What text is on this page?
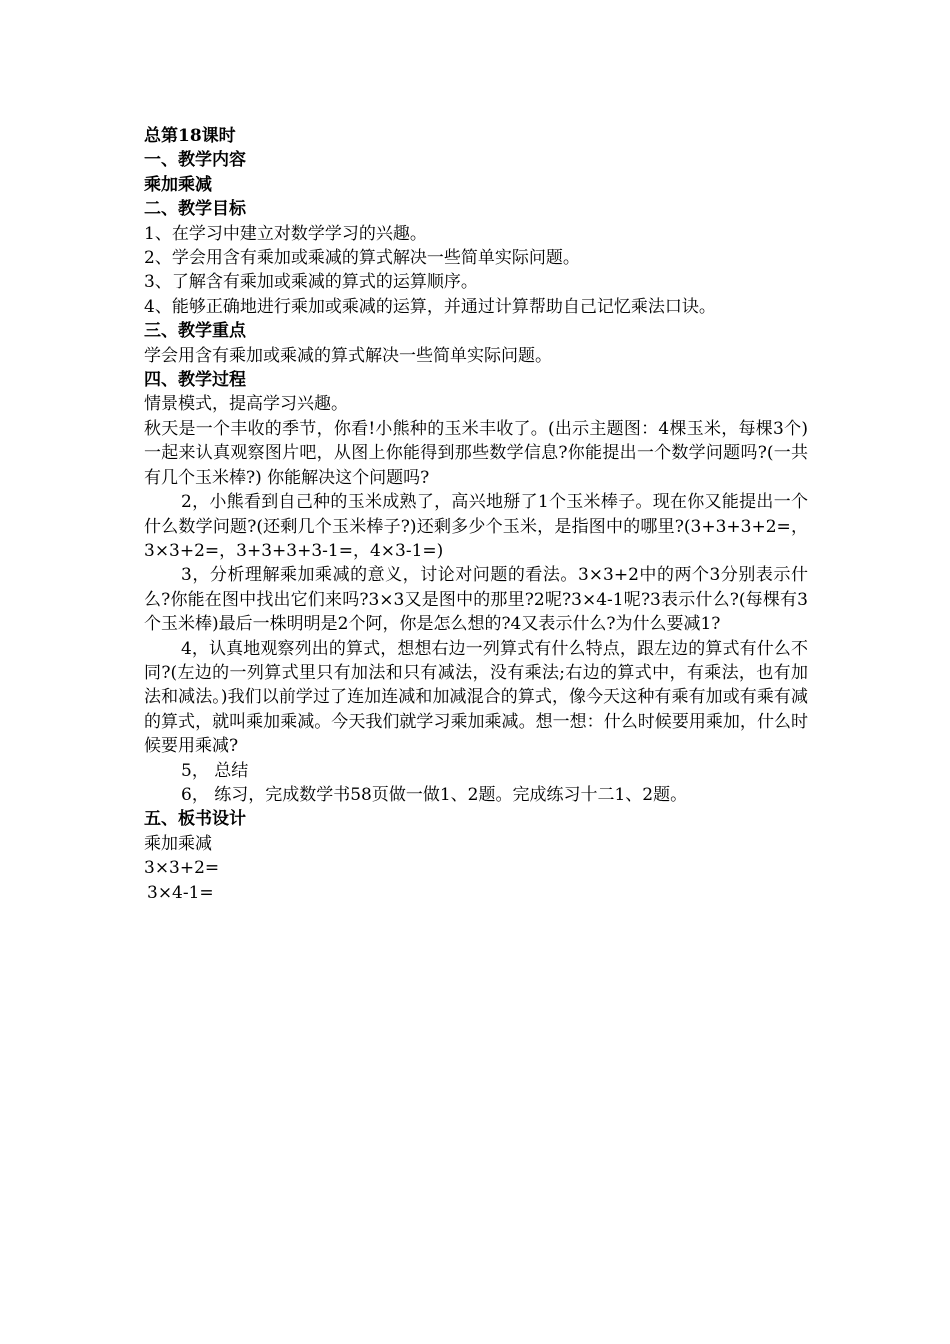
总第18课时

一、教学内容

乘加乘减

二、教学目标

1、在学习中建立对数学学习的兴趣。

2、学会用含有乘加或乘减的算式解决一些简单实际问题。

3、了解含有乘加或乘减的算式的运算顺序。

4、能够正确地进行乘加或乘减的运算，并通过计算帮助自己记忆乘法口诀。

三、教学重点

学会用含有乘加或乘减的算式解决一些简单实际问题。

四、教学过程

情景模式，提高学习兴趣。

秋天是一个丰收的季节，你看!小熊种的玉米丰收了。(出示主题图：4棵玉米，每棵3个)一起来认真观察图片吧，从图上你能得到那些数学信息?你能提出一个数学问题吗?(一共有几个玉米棒?) 你能解决这个问题吗?

2，小熊看到自己种的玉米成熟了，高兴地掰了1个玉米棒子。现在你又能提出一个什么数学问题?(还剩几个玉米棒子?)还剩多少个玉米，是指图中的哪里?(3+3+3+2=，3×3+2=，3+3+3+3-1=，4×3-1=)

3，分析理解乘加乘减的意义，讨论对问题的看法。3×3+2中的两个3分别表示什么?你能在图中找出它们来吗?3×3又是图中的那里?2呢?3×4-1呢?3表示什么?(每棵有3个玉米棒)最后一株明明是2个阿，你是怎么想的?4又表示什么?为什么要减1?

4，认真地观察列出的算式，想想右边一列算式有什么特点，跟左边的算式有什么不同?(左边的一列算式里只有加法和只有减法，没有乘法;右边的算式中，有乘法，也有加法和减法。)我们以前学过了连加连减和加减混合的算式，像今天这种有乘有加或有乘有减的算式，就叫乘加乘减。今天我们就学习乘加乘减。想一想：什么时候要用乘加，什么时候要用乘减?

5， 总结

6， 练习，完成数学书58页做一做1、2题。完成练习十二1、2题。

五、板书设计

乘加乘减

3×3+2=

3×4-1=
